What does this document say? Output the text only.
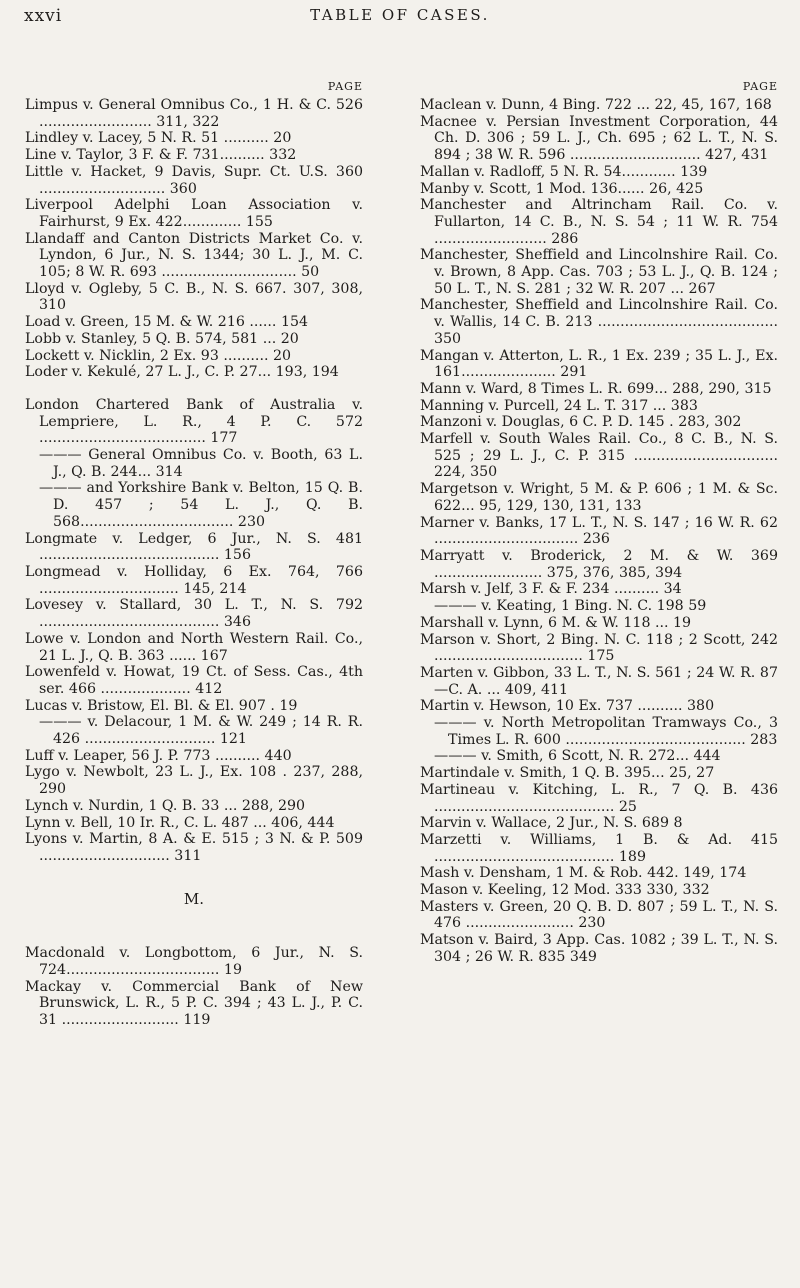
xxvi	TABLE OF CASES.
PAGE

Limpus v. General Omnibus Co., 1 H. & C. 526 ......................... 311, 322

Lindley v. Lacey, 5 N. R. 51 .......... 20

Line v. Taylor, 3 F. & F. 731.......... 332

Little v. Hacket, 9 Davis, Supr. Ct. U.S. 360 ............................ 360

Liverpool Adelphi Loan Association v. Fairhurst, 9 Ex. 422............. 155

Llandaff and Canton Districts Market Co. v. Lyndon, 6 Jur., N. S. 1344; 30 L. J., M. C. 105; 8 W. R. 693 .............................. 50

Lloyd v. Ogleby, 5 C. B., N. S. 667. 307, 308, 310

Load v. Green, 15 M. & W. 216 ...... 154

Lobb v. Stanley, 5 Q. B. 574, 581 ... 20

Lockett v. Nicklin, 2 Ex. 93 .......... 20

Loder v. Kekulé, 27 L. J., C. P. 27... 193, 194

London Chartered Bank of Australia v. Lempriere, L. R., 4 P. C. 572 ..................................... 177

——— General Omnibus Co. v. Booth, 63 L. J., Q. B. 244... 314

——— and Yorkshire Bank v. Belton, 15 Q. B. D. 457 ; 54 L. J., Q. B. 568.................................. 230

Longmate v. Ledger, 6 Jur., N. S. 481 ........................................ 156

Longmead v. Holliday, 6 Ex. 764, 766 ............................... 145, 214

Lovesey v. Stallard, 30 L. T., N. S. 792 ........................................ 346

Lowe v. London and North Western Rail. Co., 21 L. J., Q. B. 363 ...... 167

Lowenfeld v. Howat, 19 Ct. of Sess. Cas., 4th ser. 466 .................... 412

Lucas v. Bristow, El. Bl. & El. 907 . 19

——— v. Delacour, 1 M. & W. 249 ; 14 R. R. 426 ............................. 121

Luff v. Leaper, 56 J. P. 773 .......... 440

Lygo v. Newbolt, 23 L. J., Ex. 108 . 237, 288, 290

Lynch v. Nurdin, 1 Q. B. 33 ... 288, 290

Lynn v. Bell, 10 Ir. R., C. L. 487 ... 406, 444

Lyons v. Martin, 8 A. & E. 515 ; 3 N. & P. 509 ............................. 311

M.

Macdonald v. Longbottom, 6 Jur., N. S. 724.................................. 19

Mackay v. Commercial Bank of New Brunswick, L. R., 5 P. C. 394 ; 43 L. J., P. C. 31 .......................... 119

PAGE

Maclean v. Dunn, 4 Bing. 722 ... 22, 45, 167, 168

Macnee v. Persian Investment Corporation, 44 Ch. D. 306 ; 59 L. J., Ch. 695 ; 62 L. T., N. S. 894 ; 38 W. R. 596 ............................. 427, 431

Mallan v. Radloff, 5 N. R. 54............ 139

Manby v. Scott, 1 Mod. 136...... 26, 425

Manchester and Altrincham Rail. Co. v. Fullarton, 14 C. B., N. S. 54 ; 11 W. R. 754 ......................... 286

Manchester, Sheffield and Lincolnshire Rail. Co. v. Brown, 8 App. Cas. 703 ; 53 L. J., Q. B. 124 ; 50 L. T., N. S. 281 ; 32 W. R. 207 ... 267

Manchester, Sheffield and Lincolnshire Rail. Co. v. Wallis, 14 C. B. 213 ........................................ 350

Mangan v. Atterton, L. R., 1 Ex. 239 ; 35 L. J., Ex. 161..................... 291

Mann v. Ward, 8 Times L. R. 699... 288, 290, 315

Manning v. Purcell, 24 L. T. 317 ... 383

Manzoni v. Douglas, 6 C. P. D. 145 . 283, 302

Marfell v. South Wales Rail. Co., 8 C. B., N. S. 525 ; 29 L. J., C. P. 315 ................................ 224, 350

Margetson v. Wright, 5 M. & P. 606 ; 1 M. & Sc. 622... 95, 129, 130, 131, 133

Marner v. Banks, 17 L. T., N. S. 147 ; 16 W. R. 62 ................................ 236

Marryatt v. Broderick, 2 M. & W. 369 ........................ 375, 376, 385, 394

Marsh v. Jelf, 3 F. & F. 234 .......... 34

——— v. Keating, 1 Bing. N. C. 198 59

Marshall v. Lynn, 6 M. & W. 118 ... 19

Marson v. Short, 2 Bing. N. C. 118 ; 2 Scott, 242 ................................. 175

Marten v. Gibbon, 33 L. T., N. S. 561 ; 24 W. R. 87—C. A. ... 409, 411

Martin v. Hewson, 10 Ex. 737 .......... 380

——— v. North Metropolitan Tramways Co., 3 Times L. R. 600 ........................................ 283

——— v. Smith, 6 Scott, N. R. 272... 444

Martindale v. Smith, 1 Q. B. 395... 25, 27

Martineau v. Kitching, L. R., 7 Q. B. 436 ........................................ 25

Marvin v. Wallace, 2 Jur., N. S. 689 8

Marzetti v. Williams, 1 B. & Ad. 415 ........................................ 189

Mash v. Densham, 1 M. & Rob. 442. 149, 174

Mason v. Keeling, 12 Mod. 333 330, 332

Masters v. Green, 20 Q. B. D. 807 ; 59 L. T., N. S. 476 ........................ 230

Matson v. Baird, 3 App. Cas. 1082 ; 39 L. T., N. S. 304 ; 26 W. R. 835 349
